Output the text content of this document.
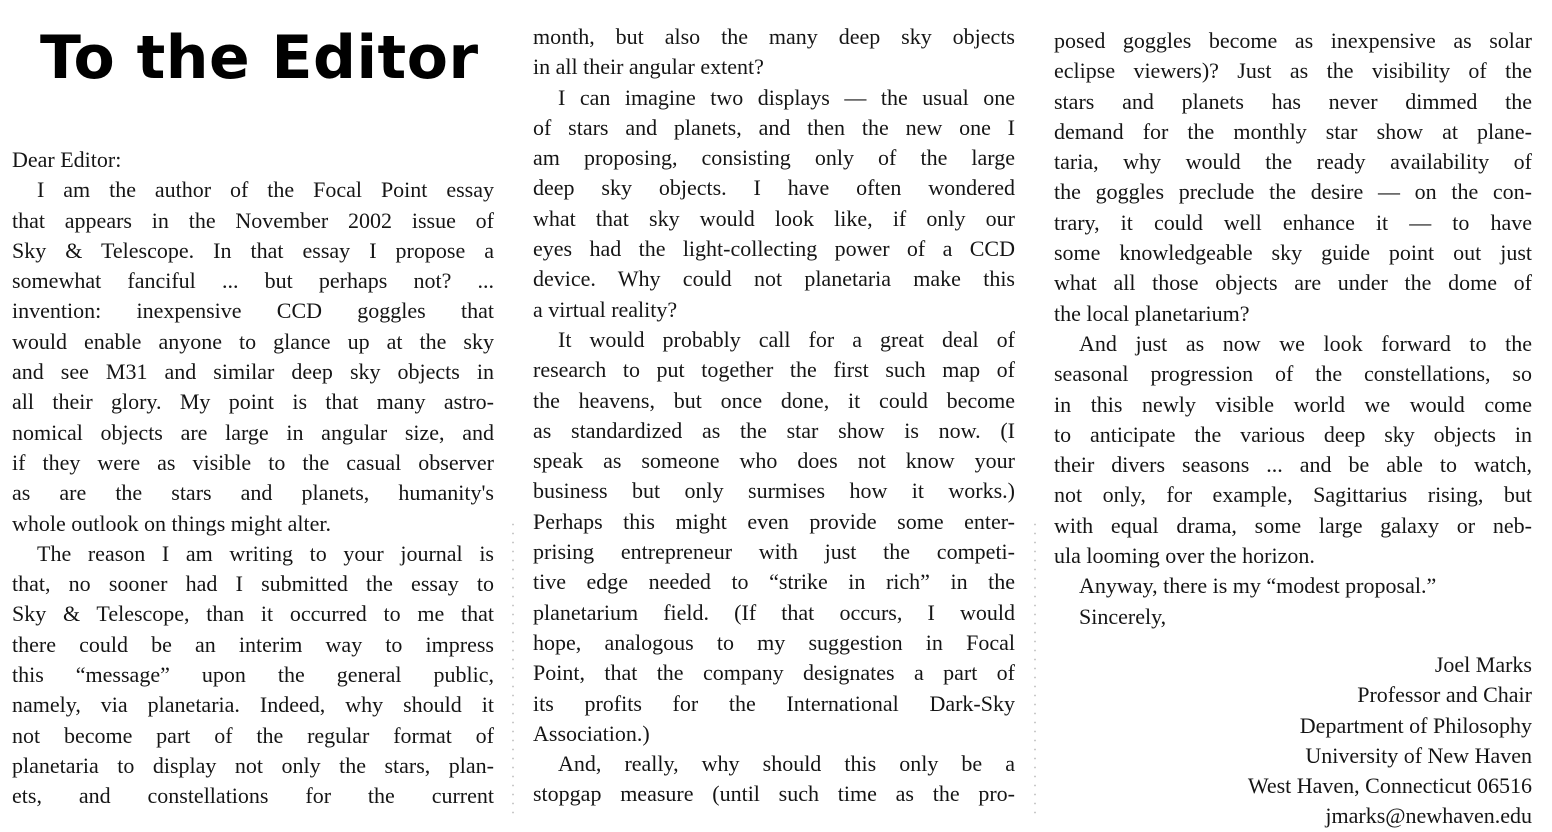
To the Editor
Dear Editor:
I am the author of the Focal Point essay
that appears in the November 2002 issue of
Sky & Telescope. In that essay I propose a
somewhat fanciful ... but perhaps not? ...
invention: inexpensive CCD goggles that
would enable anyone to glance up at the sky
and see M31 and similar deep sky objects in
all their glory. My point is that many astro-
nomical objects are large in angular size, and
if they were as visible to the casual observer
as are the stars and planets, humanity's
whole outlook on things might alter.
The reason I am writing to your journal is
that, no sooner had I submitted the essay to
Sky & Telescope, than it occurred to me that
there could be an interim way to impress
this “message” upon the general public,
namely, via planetaria. Indeed, why should it
not become part of the regular format of
planetaria to display not only the stars, plan-
ets, and constellations for the current
month, but also the many deep sky objects
in all their angular extent?
I can imagine two displays — the usual one
of stars and planets, and then the new one I
am proposing, consisting only of the large
deep sky objects. I have often wondered
what that sky would look like, if only our
eyes had the light-collecting power of a CCD
device. Why could not planetaria make this
a virtual reality?
It would probably call for a great deal of
research to put together the first such map of
the heavens, but once done, it could become
as standardized as the star show is now. (I
speak as someone who does not know your
business but only surmises how it works.)
Perhaps this might even provide some enter-
prising entrepreneur with just the competi-
tive edge needed to “strike in rich” in the
planetarium field. (If that occurs, I would
hope, analogous to my suggestion in Focal
Point, that the company designates a part of
its profits for the International Dark-Sky
Association.)
And, really, why should this only be a
stopgap measure (until such time as the pro-
posed goggles become as inexpensive as solar
eclipse viewers)? Just as the visibility of the
stars and planets has never dimmed the
demand for the monthly star show at plane-
taria, why would the ready availability of
the goggles preclude the desire — on the con-
trary, it could well enhance it — to have
some knowledgeable sky guide point out just
what all those objects are under the dome of
the local planetarium?
And just as now we look forward to the
seasonal progression of the constellations, so
in this newly visible world we would come
to anticipate the various deep sky objects in
their divers seasons ... and be able to watch,
not only, for example, Sagittarius rising, but
with equal drama, some large galaxy or neb-
ula looming over the horizon.
Anyway, there is my “modest proposal.”
Sincerely,
Joel Marks
Professor and Chair
Department of Philosophy
University of New Haven
West Haven, Connecticut 06516
jmarks@newhaven.edu
